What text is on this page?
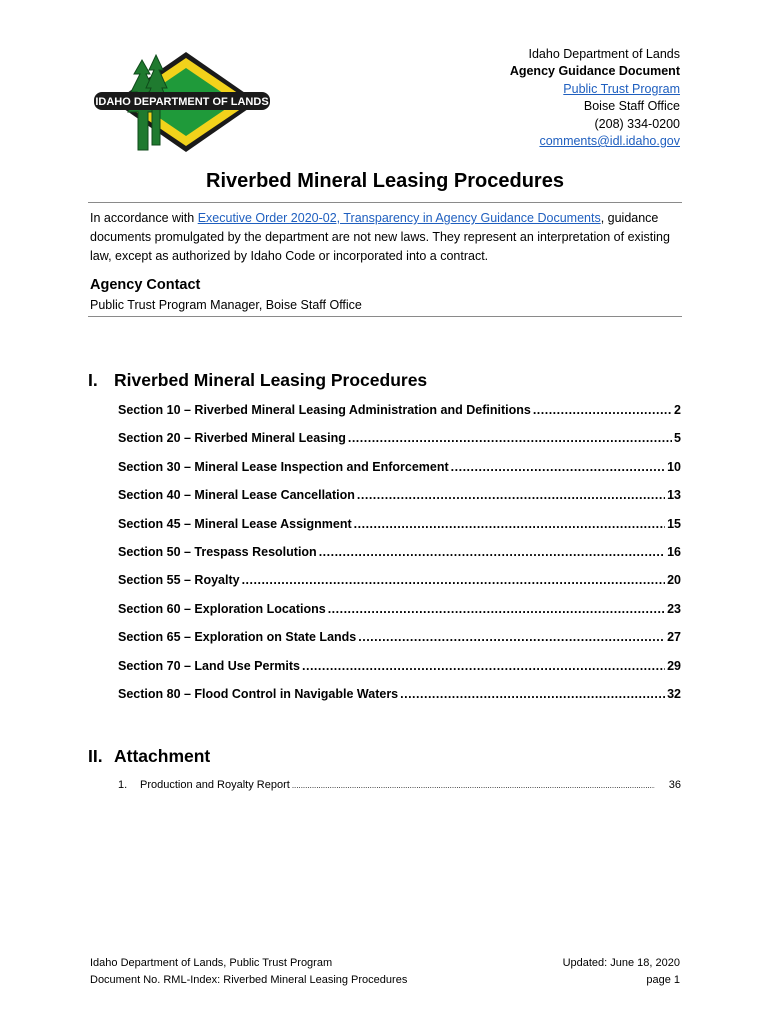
IDAHO DEPARTMENT OF LANDS
Idaho Department of Lands
Agency Guidance Document
Public Trust Program
Boise Staff Office
(208) 334-0200
comments@idl.idaho.gov
Riverbed Mineral Leasing Procedures
In accordance with Executive Order 2020-02, Transparency in Agency Guidance Documents, guidance documents promulgated by the department are not new laws. They represent an interpretation of existing law, except as authorized by Idaho Code or incorporated into a contract.
Agency Contact
Public Trust Program Manager, Boise Staff Office
I. Riverbed Mineral Leasing Procedures
Section 10 – Riverbed Mineral Leasing Administration and Definitions .....	2
Section 20 – Riverbed Mineral Leasing .....	5
Section 30 – Mineral Lease Inspection and Enforcement .....	10
Section 40 – Mineral Lease Cancellation .....	13
Section 45 – Mineral Lease Assignment .....	15
Section 50 – Trespass Resolution .....	16
Section 55 – Royalty .....	20
Section 60 – Exploration Locations .....	23
Section 65 – Exploration on State Lands .....	27
Section 70 – Land Use Permits .....	29
Section 80 – Flood Control in Navigable Waters .....	32
II. Attachment
1.	Production and Royalty Report .....	36
Idaho Department of Lands, Public Trust Program
Document No. RML-Index: Riverbed Mineral Leasing Procedures
Updated: June 18, 2020
page 1
